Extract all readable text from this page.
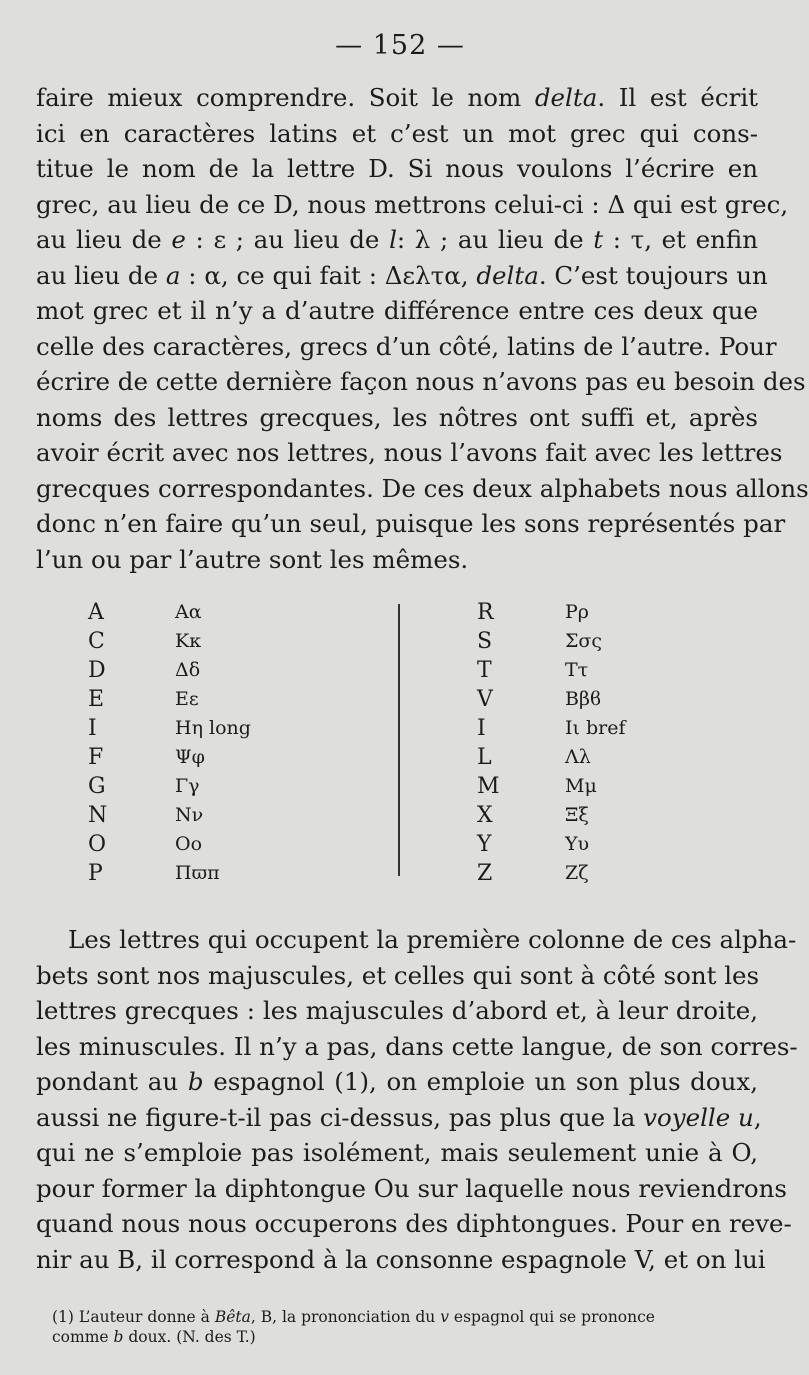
— 152 —
faire mieux comprendre. Soit le nom delta. Il est écrit
ici en caractères latins et c’est un mot grec qui cons-
titue le nom de la lettre D. Si nous voulons l’écrire en
grec, au lieu de ce D, nous mettrons celui-ci : Δ qui est grec,
au lieu de e : ε ; au lieu de l: λ ; au lieu de t : τ, et enfin
au lieu de a : α, ce qui fait : Δελτα, delta. C’est toujours un
mot grec et il n’y a d’autre différence entre ces deux que
celle des caractères, grecs d’un côté, latins de l’autre. Pour
écrire de cette dernière façon nous n’avons pas eu besoin des
noms des lettres grecques, les nôtres ont suffi et, après
avoir écrit avec nos lettres, nous l’avons fait avec les lettres
grecques correspondantes. De ces deux alphabets nous allons
donc n’en faire qu’un seul, puisque les sons représentés par
l’un ou par l’autre sont les mêmes.
A
C
D
E
I
F
G
N
O
P
Αα
Κκ
Δδ
Εε
Ηη long
Ψφ
Γγ
Νν
Οο
Πϖπ
R
S
T
V
I
L
M
X
Y
Z
Ρρ
Σσς
Ττ
Ββϐ
Ιι bref
Λλ
Μμ
Ξξ
Υυ
Ζζ
Les lettres qui occupent la première colonne de ces alpha-
bets sont nos majuscules, et celles qui sont à côté sont les
lettres grecques : les majuscules d’abord et, à leur droite,
les minuscules. Il n’y a pas, dans cette langue, de son corres-
pondant au b espagnol (1), on emploie un son plus doux,
aussi ne figure-t-il pas ci-dessus, pas plus que la voyelle u,
qui ne s’emploie pas isolément, mais seulement unie à O,
pour former la diphtongue Ou sur laquelle nous reviendrons
quand nous nous occuperons des diphtongues. Pour en reve-
nir au B, il correspond à la consonne espagnole V, et on lui
(1) L’auteur donne à Bêta, B, la prononciation du v espagnol qui se prononce
comme b doux. (N. des T.)
